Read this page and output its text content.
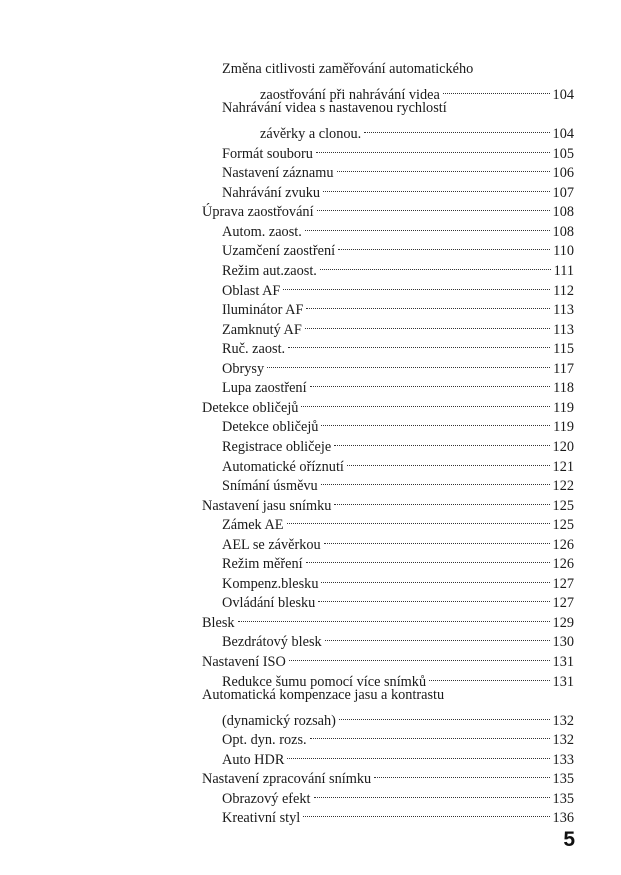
Změna citlivosti zaměřování automatického
zaostřování při nahrávání videa	104
Nahrávání videa s nastavenou rychlostí
závěrky a clonou.	104
Formát souboru	105
Nastavení záznamu	106
Nahrávání zvuku	107
Úprava zaostřování	108
Autom. zaost.	108
Uzamčení zaostření	110
Režim aut.zaost.	111
Oblast AF	112
Iluminátor AF	113
Zamknutý AF	113
Ruč. zaost.	115
Obrysy	117
Lupa zaostření	118
Detekce obličejů	119
Detekce obličejů	119
Registrace obličeje	120
Automatické oříznutí	121
Snímání úsměvu	122
Nastavení jasu snímku	125
Zámek AE	125
AEL se závěrkou	126
Režim měření	126
Kompenz.blesku	127
Ovládání blesku	127
Blesk	129
Bezdrátový blesk	130
Nastavení ISO	131
Redukce šumu pomocí více snímků	131
Automatická kompenzace jasu a kontrastu
(dynamický rozsah)	132
Opt. dyn. rozs.	132
Auto HDR	133
Nastavení zpracování snímku	135
Obrazový efekt	135
Kreativní styl	136
5
